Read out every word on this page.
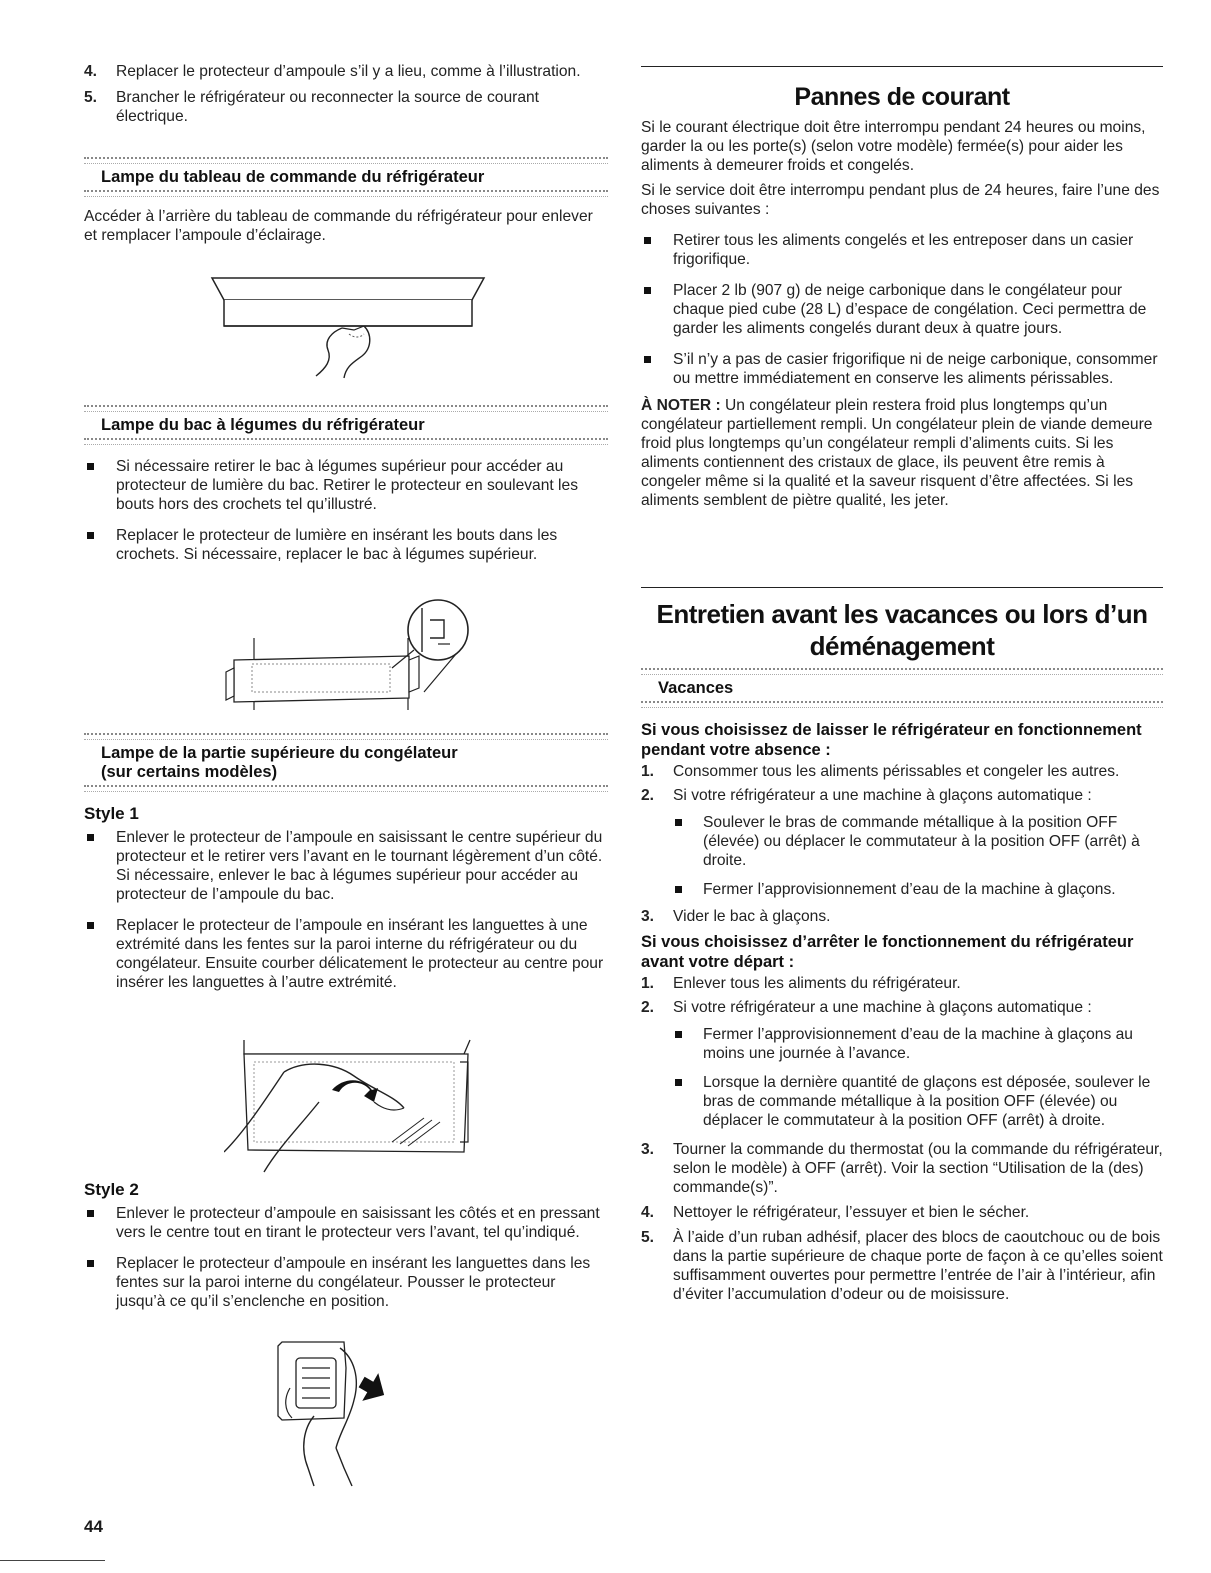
4. Replacer le protecteur d’ampoule s’il y a lieu, comme à l’illustration.
5. Brancher le réfrigérateur ou reconnecter la source de courant électrique.
Lampe du tableau de commande du réfrigérateur

Accéder à l’arrière du tableau de commande du réfrigérateur pour enlever et remplacer l’ampoule d’éclairage.

Lampe du bac à légumes du réfrigérateur
Si nécessaire retirer le bac à légumes supérieur pour accéder au protecteur de lumière du bac. Retirer le protecteur en soulevant les bouts hors des crochets tel qu’illustré.
Replacer le protecteur de lumière en insérant les bouts dans les crochets. Si nécessaire, replacer le bac à légumes supérieur.
Lampe de la partie supérieure du congélateur
(sur certains modèles)
Style 1
Enlever le protecteur de l’ampoule en saisissant le centre supérieur du protecteur et le retirer vers l’avant en le tournant légèrement d’un côté. Si nécessaire, enlever le bac à légumes supérieur pour accéder au protecteur de l’ampoule du bac.
Replacer le protecteur de l’ampoule en insérant les languettes à une extrémité dans les fentes sur la paroi interne du réfrigérateur ou du congélateur. Ensuite courber délicatement le protecteur au centre pour insérer les languettes à l’autre extrémité.
Style 2
Enlever le protecteur d’ampoule en saisissant les côtés et en pressant vers le centre tout en tirant le protecteur vers l’avant, tel qu’indiqué.
Replacer le protecteur d’ampoule en insérant les languettes dans les fentes sur la paroi interne du congélateur. Pousser le protecteur jusqu’à ce qu’il s’enclenche en position.
44
Pannes de courant

Si le courant électrique doit être interrompu pendant 24 heures ou moins, garder la ou les porte(s) (selon votre modèle) fermée(s) pour aider les aliments à demeurer froids et congelés.

Si le service doit être interrompu pendant plus de 24 heures, faire l’une des choses suivantes :

Retirer tous les aliments congelés et les entreposer dans un casier frigorifique.
Placer 2 lb (907 g) de neige carbonique dans le congélateur pour chaque pied cube (28 L) d’espace de congélation. Ceci permettra de garder les aliments congelés durant deux à quatre jours.
S’il n’y a pas de casier frigorifique ni de neige carbonique, consommer ou mettre immédiatement en conserve les aliments périssables.

À NOTER : Un congélateur plein restera froid plus longtemps qu’un congélateur partiellement rempli. Un congélateur plein de viande demeure froid plus longtemps qu’un congélateur rempli d’aliments cuits. Si les aliments contiennent des cristaux de glace, ils peuvent être remis à congeler même si la qualité et la saveur risquent d’être affectées. Si les aliments semblent de piètre qualité, les jeter.

Entretien avant les vacances ou lors d’un
déménagement
Vacances

Si vous choisissez de laisser le réfrigérateur en fonctionnement pendant votre absence :

1. Consommer tous les aliments périssables et congeler les autres.
2. Si votre réfrigérateur a une machine à glaçons automatique :
Soulever le bras de commande métallique à la position OFF (élevée) ou déplacer le commutateur à la position OFF (arrêt) à droite.
Fermer l’approvisionnement d’eau de la machine à glaçons.
3. Vider le bac à glaçons.

Si vous choisissez d’arrêter le fonctionnement du réfrigérateur avant votre départ :

1. Enlever tous les aliments du réfrigérateur.
2. Si votre réfrigérateur a une machine à glaçons automatique :
Fermer l’approvisionnement d’eau de la machine à glaçons au moins une journée à l’avance.
Lorsque la dernière quantité de glaçons est déposée, soulever le bras de commande métallique à la position OFF (élevée) ou déplacer le commutateur à la position OFF (arrêt) à droite.
3. Tourner la commande du thermostat (ou la commande du réfrigérateur, selon le modèle) à OFF (arrêt). Voir la section “Utilisation de la (des) commande(s)”.
4. Nettoyer le réfrigérateur, l’essuyer et bien le sécher.
5. À l’aide d’un ruban adhésif, placer des blocs de caoutchouc ou de bois dans la partie supérieure de chaque porte de façon à ce qu’elles soient suffisamment ouvertes pour permettre l’entrée de l’air à l’intérieur, afin d’éviter l’accumulation d’odeur ou de moisissure.
